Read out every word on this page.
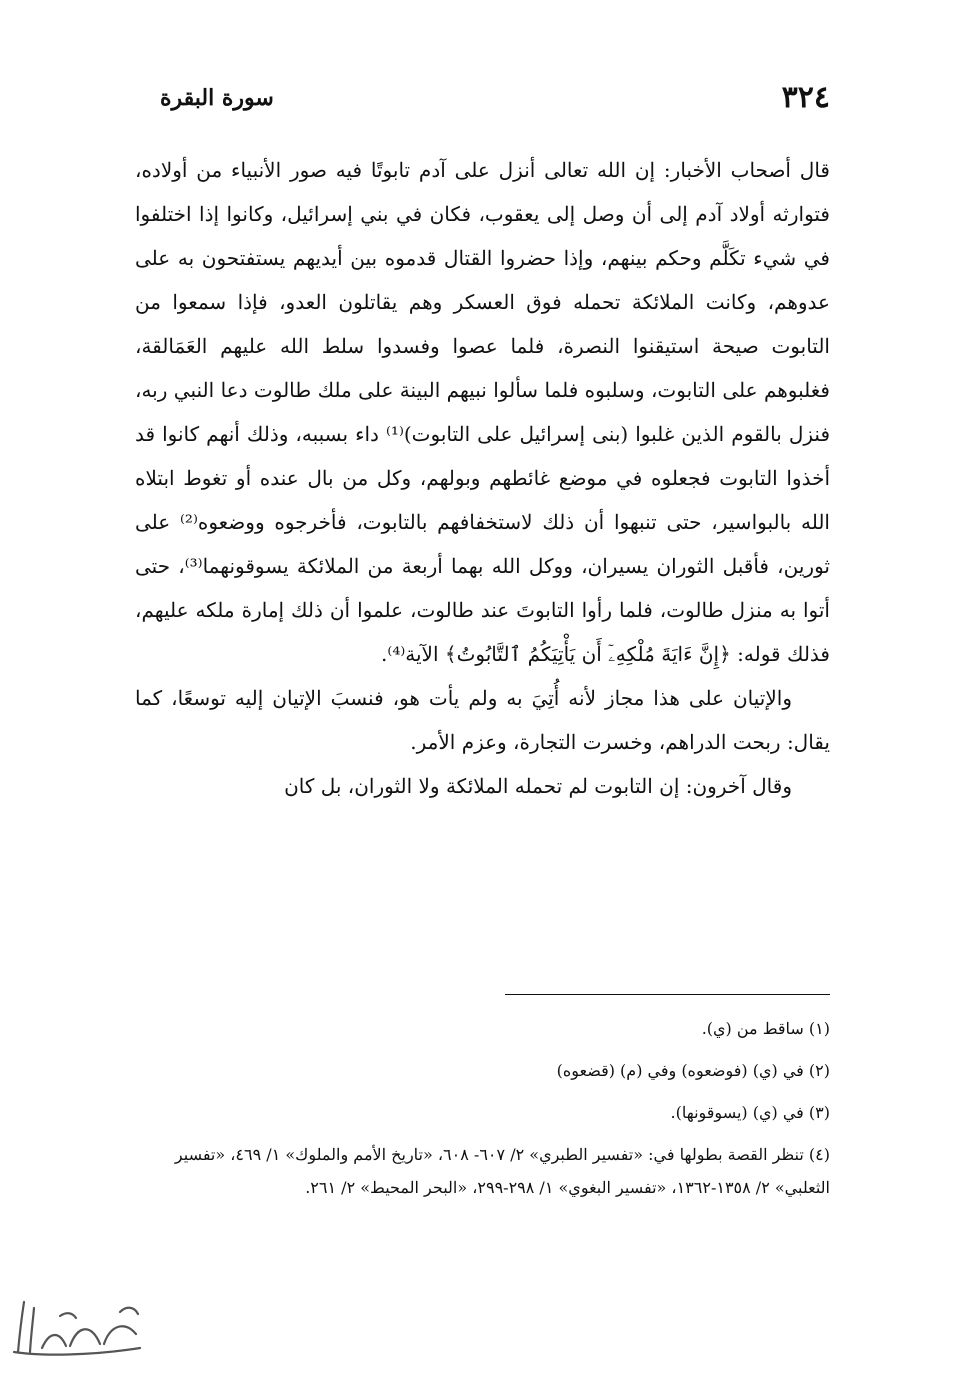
٣٢٤
سورة البقرة

قال أصحاب الأخبار: إن الله تعالى أنزل على آدم تابوتًا فيه صور الأنبياء من أولاده، فتوارثه أولاد آدم إلى أن وصل إلى يعقوب، فكان في بني إسرائيل، وكانوا إذا اختلفوا في شيء تكَلَّم وحكم بينهم، وإذا حضروا القتال قدموه بين أيديهم يستفتحون به على عدوهم، وكانت الملائكة تحمله فوق العسكر وهم يقاتلون العدو، فإذا سمعوا من التابوت صيحة استيقنوا النصرة، فلما عصوا وفسدوا سلط الله عليهم العَمَالقة، فغلبوهم على التابوت، وسلبوه فلما سألوا نبيهم البينة على ملك طالوت دعا النبي ربه، فنزل بالقوم الذين غلبوا (بنى إسرائيل على التابوت)⁽¹⁾ داء بسببه، وذلك أنهم كانوا قد أخذوا التابوت فجعلوه في موضع غائطهم وبولهم، وكل من بال عنده أو تغوط ابتلاه الله بالبواسير، حتى تنبهوا أن ذلك لاستخفافهم بالتابوت، فأخرجوه ووضعوه⁽²⁾ على ثورين، فأقبل الثوران يسيران، ووكل الله بهما أربعة من الملائكة يسوقونهما⁽³⁾، حتى أتوا به منزل طالوت، فلما رأوا التابوتَ عند طالوت، علموا أن ذلك إمارة ملكه عليهم، فذلك قوله: ﴿إِنَّ ءَايَةَ مُلْكِهِۦٓ أَن يَأْتِيَكُمُ ٱلتَّابُوتُ﴾ الآية⁽⁴⁾.

والإتيان على هذا مجاز لأنه أُتِيَ به ولم يأت هو، فنسبَ الإتيان إليه توسعًا، كما يقال: ربحت الدراهم، وخسرت التجارة، وعزم الأمر.

وقال آخرون: إن التابوت لم تحمله الملائكة ولا الثوران، بل كان

(١) ساقط من (ي).

(٢) في (ي) (فوضعوه) وفي (م) (قضعوه)

(٣) في (ي) (يسوقونها).

(٤) تنظر القصة بطولها في: «تفسير الطبري» ٢/ ٦٠٧- ٦٠٨، «تاريخ الأمم والملوك» ١/ ٤٦٩، «تفسير الثعلبي» ٢/ ١٣٥٨-١٣٦٢، «تفسير البغوي» ١/ ٢٩٨-٢٩٩، «البحر المحيط» ٢/ ٢٦١.
